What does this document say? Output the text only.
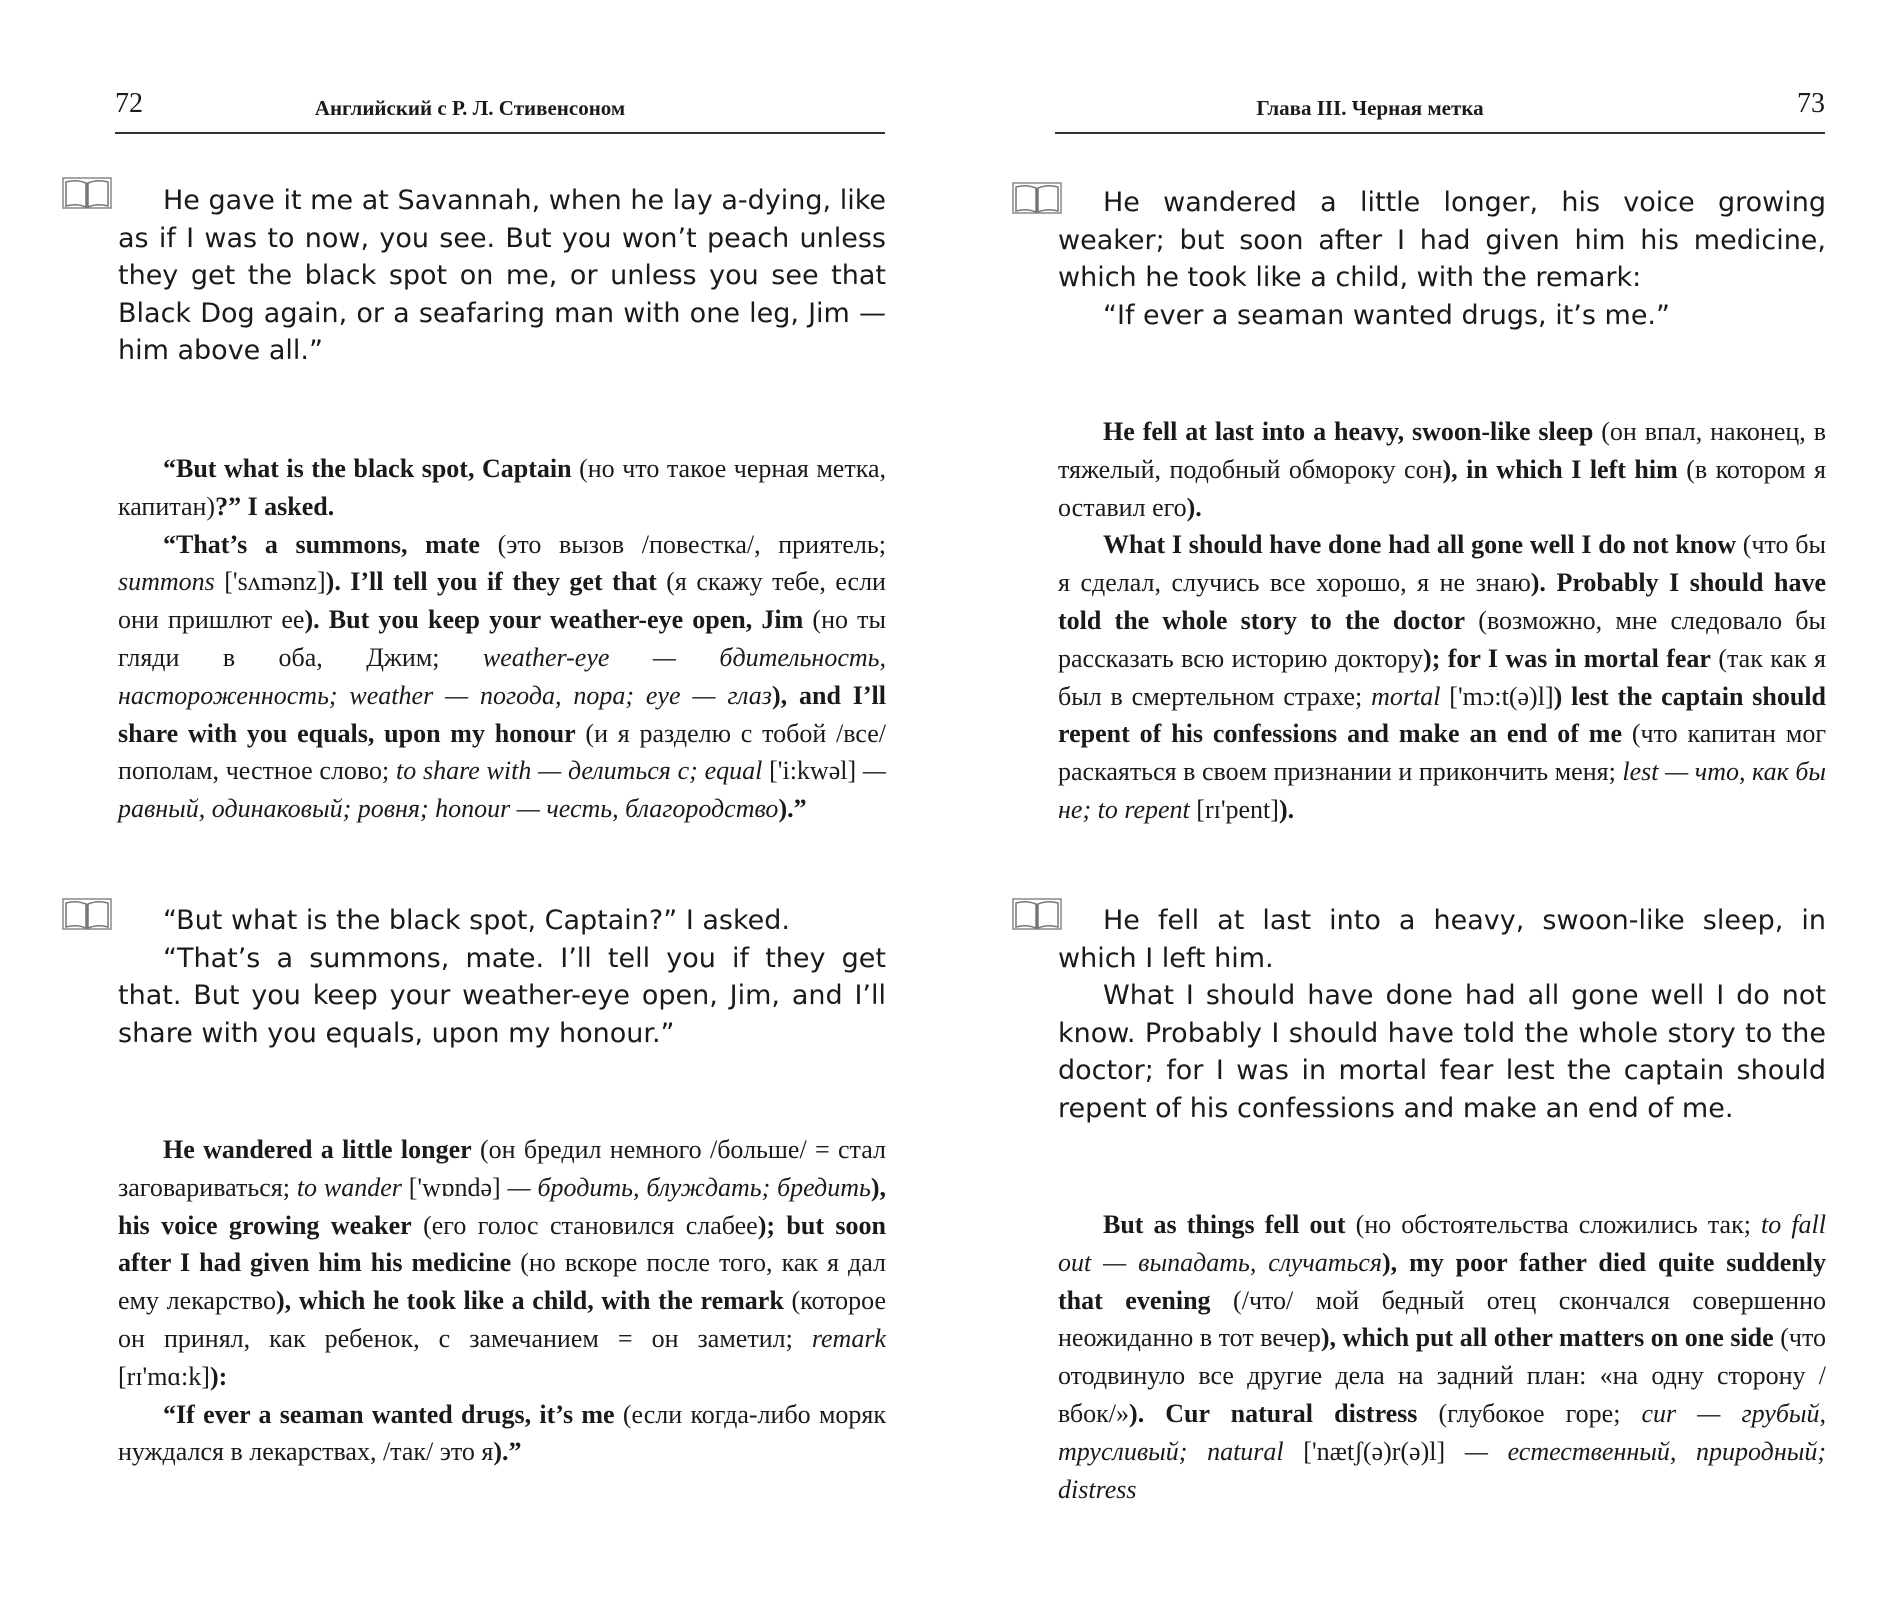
72	Английский с Р. Л. Стивенсоном

He gave it me at Savannah, when he lay a-dying, like as if I was to now, you see. But you won’t peach unless they get the black spot on me, or unless you see that Black Dog again, or a seafaring man with one leg, Jim — him above all.”

“But what is the black spot, Captain (но что такое черная метка, капитан)?” I asked.

“That’s a summons, mate (это вызов /повестка/, приятель; summons ['sʌmənz]). I’ll tell you if they get that (я скажу тебе, если они пришлют ее). But you keep your weather-eye open, Jim (но ты гляди в оба, Джим; weather-eye — бдительность, настороженность; weather — погода, пора; eye — глаз), and I’ll share with you equals, upon my honour (и я разделю с тобой /все/ пополам, честное слово; to share with — делиться с; equal ['i:kwəl] — равный, одинаковый; ровня; honour — честь, благородство).”

“But what is the black spot, Captain?” I asked.

“That’s a summons, mate. I’ll tell you if they get that. But you keep your weather-eye open, Jim, and I’ll share with you equals, upon my honour.”

He wandered a little longer (он бредил немного /больше/ = стал заговариваться; to wander ['wɒndə] — бродить, блуждать; бредить), his voice growing weaker (его голос становился слабее); but soon after I had given him his medicine (но вскоре после того, как я дал ему лекарство), which he took like a child, with the remark (которое он принял, как ребенок, с замечанием = он заметил; remark [rɪ'mɑ:k]):

“If ever a seaman wanted drugs, it’s me (если когда-либо моряк нуждался в лекарствах, /так/ это я).”

Глава III. Черная метка	73

He wandered a little longer, his voice growing weaker; but soon after I had given him his medicine, which he took like a child, with the remark:

“If ever a seaman wanted drugs, it’s me.”

He fell at last into a heavy, swoon-like sleep (он впал, наконец, в тяжелый, подобный обмороку сон), in which I left him (в котором я оставил его).

What I should have done had all gone well I do not know (что бы я сделал, случись все хорошо, я не знаю). Probably I should have told the whole story to the doctor (возможно, мне следовало бы рассказать всю историю доктору); for I was in mortal fear (так как я был в смертельном страхе; mortal ['mɔ:t(ə)l]) lest the captain should repent of his confessions and make an end of me (что капитан мог раскаяться в своем признании и прикончить меня; lest — что, как бы не; to repent [rɪ'pent]).

He fell at last into a heavy, swoon-like sleep, in which I left him.

What I should have done had all gone well I do not know. Probably I should have told the whole story to the doctor; for I was in mortal fear lest the captain should repent of his confessions and make an end of me.

But as things fell out (но обстоятельства сложились так; to fall out — выпадать, случаться), my poor father died quite suddenly that evening (/что/ мой бедный отец скончался совершенно неожиданно в тот вечер), which put all other matters on one side (что отодвинуло все другие дела на задний план: «на одну сторону /вбок/»). Cur natural distress (глубокое горе; cur — грубый, трусливый; natural ['nætʃ(ə)r(ə)l] — естественный, природный; distress
